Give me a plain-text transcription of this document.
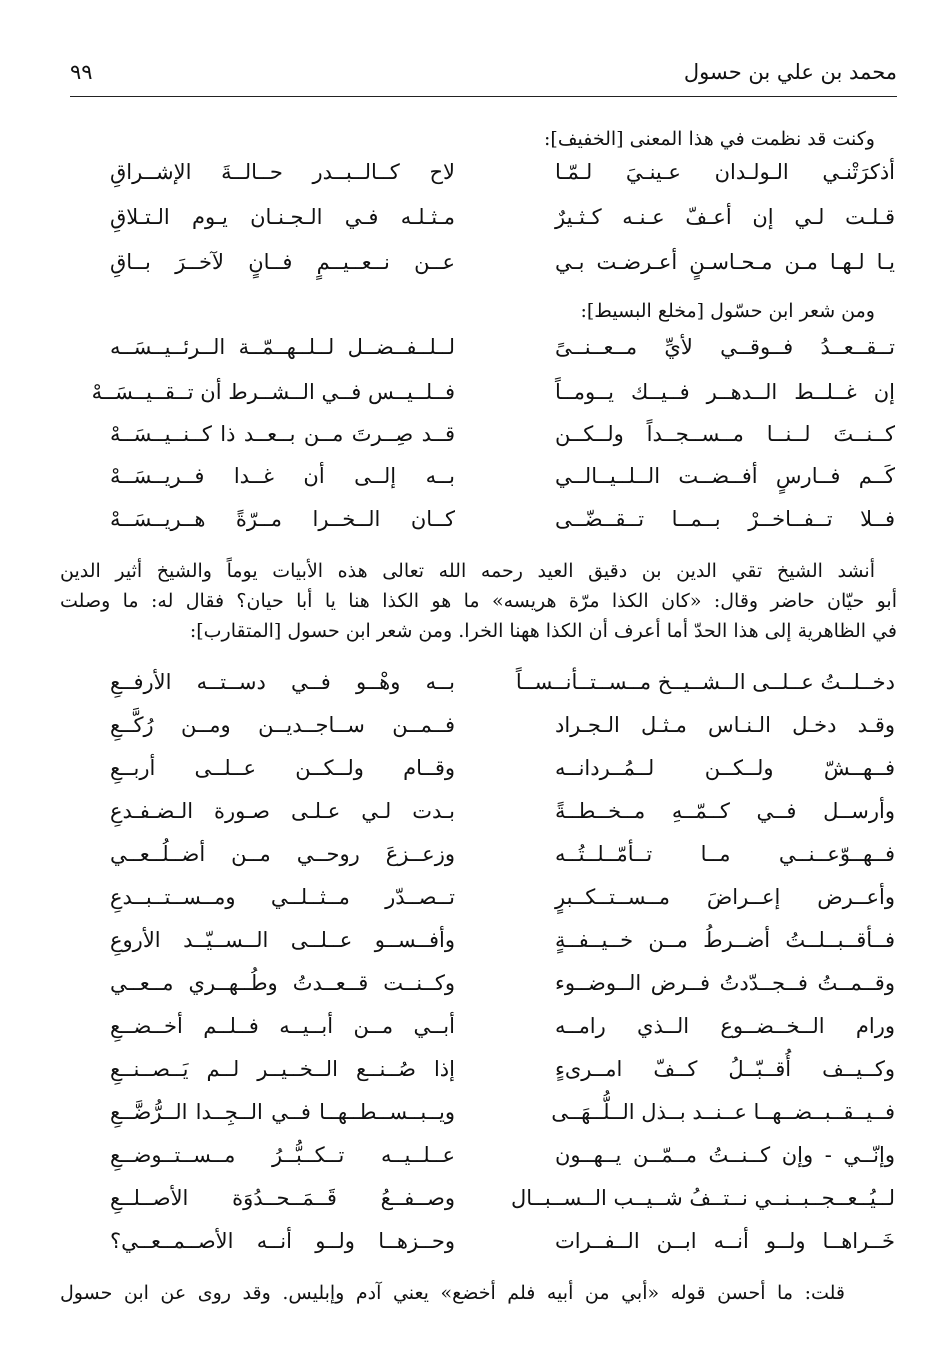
محمد بن علي بن حسول
٩٩
وكنت قد نظمت في هذا المعنى [الخفيف]:
أذكرَتْنـي الـولـدان عـينـيَ لـمّـا
لاح كــالــبــدر حــالــةَ الإشــراقِ
قـلـت لـي إن أعـفّ عـنـه كـثـيرٌ
مـثـلـه فـي الـجـنـان يـوم الـتـلاقِ
يـا لـهـا مـن مـحـاسـنٍ أعـرضـت بـي
عــن نــعــيــمٍ فــانٍ لآخــرَ بــاقِ
ومن شعر ابن حسّول [مخلع البسيط]:
تــقــعــدُ فــوقــي لأيِّ مــعــنــىً
لــلــفــضــل لــلــهــمّــة الــرئــيــسَــه
إن غــلــط الــدهــر فــيــك يــومــاً
فــلــيــس فــي الــشــرط أن تــقــيــسَــهْ
كــنــتَ لــنــا مــســجــداً ولــكــن
قــد صِــرتَ مــن بــعــد ذا كــنــيــسَــهْ
كَــم فــارسٍ أفــضــت الــلــيــالــي
بــه إلــى أن غــدا فــريــسَــهْ
فــلا تــفــاخــرْ بــمــا تــقــضّــى
كــان الــخــرا مــرّةً هــريــسَــهْ
أنشد الشيخ تقي الدين بن دقيق العيد رحمه الله تعالى هذه الأبيات يوماً والشيخ أثير الدين
أبو حيّان حاضر وقال: «كان الكذا مرّة هريسه» ما هو الكذا هنا يا أبا حيان؟ فقال له: ما وصلت
في الظاهرية إلى هذا الحدّ أما أعرف أن الكذا ههنا الخرا. ومن شعر ابن حسول [المتقارب]:
دخــلــتُ عــلــى الــشــيــخ مــســتــأنــســاً
بــه وهْــو فــي دســتــه الأرفــعِ
وقـد دخـل الـنـاس مـثـل الـجـراد
فــمــن ســاجــديــن ومــن رُكَّــعِ
فــهــشّ ولــكــن لــمُــردانــه
وقــام ولــكــن عــلــى أربــعِ
وأرســل فــي كــمّــهِ مــخــطــةً
بـدت لـي عـلـى صـورة الـضـفـدعِ
فــهــوّعــنــي مــا تــأمّــلــتُــه
وزعــزعَ روحــي مــن أضــلُــعــي
وأعــرض إعــراضَ مــســتــكــبرٍ
تــصــدّر مــثــلــي ومــســتــبــدعِ
فــأقــبــلــتُ أضــرطُ مــن خــيــفــةٍ
وأفــســو عــلــى الــســيّــد الأروعِ
وقــمــتُ فــجــدّدتُ فــرض الــوضــوء
وكــنــت قــعــدتُ وطُــهــري مــعــي
ورام الــخــضــوع الــذي رامــه
أبــي مــن أبــيــه فــلــم أخــضــعِ
وكــيــف أُقــبّــلُ كــفّ امــرىءٍ
إذا صُــنــع الــخــيــر لــم يَــصــنــعِ
فــيــقــبــضــهــا عــنــد بــذل الــلُّــهَــى
ويــبــســطــهــا فــي الــجِــدا الــرُّضَّــعِ
وإنّــي - وإن كــنــتُ مــمّــن يــهــون
عــلــيــه تــكــبُّــرُ مــســتــوضــعِ
لــيُــعــجــبــنــي نــتــفُ شــيــب الــســبــال
وصــفــعُ قَــمَــحــدُوَة الأصــلــعِ
خَــراهــا ولــو أنــه ابــن الــفــرات
وحــزهــا ولــو أنــه الأصــمــعــي؟
قلت: ما أحسن قوله «أبي من أبيه فلم أخضع» يعني آدم وإبليس. وقد روى عن ابن حسول
